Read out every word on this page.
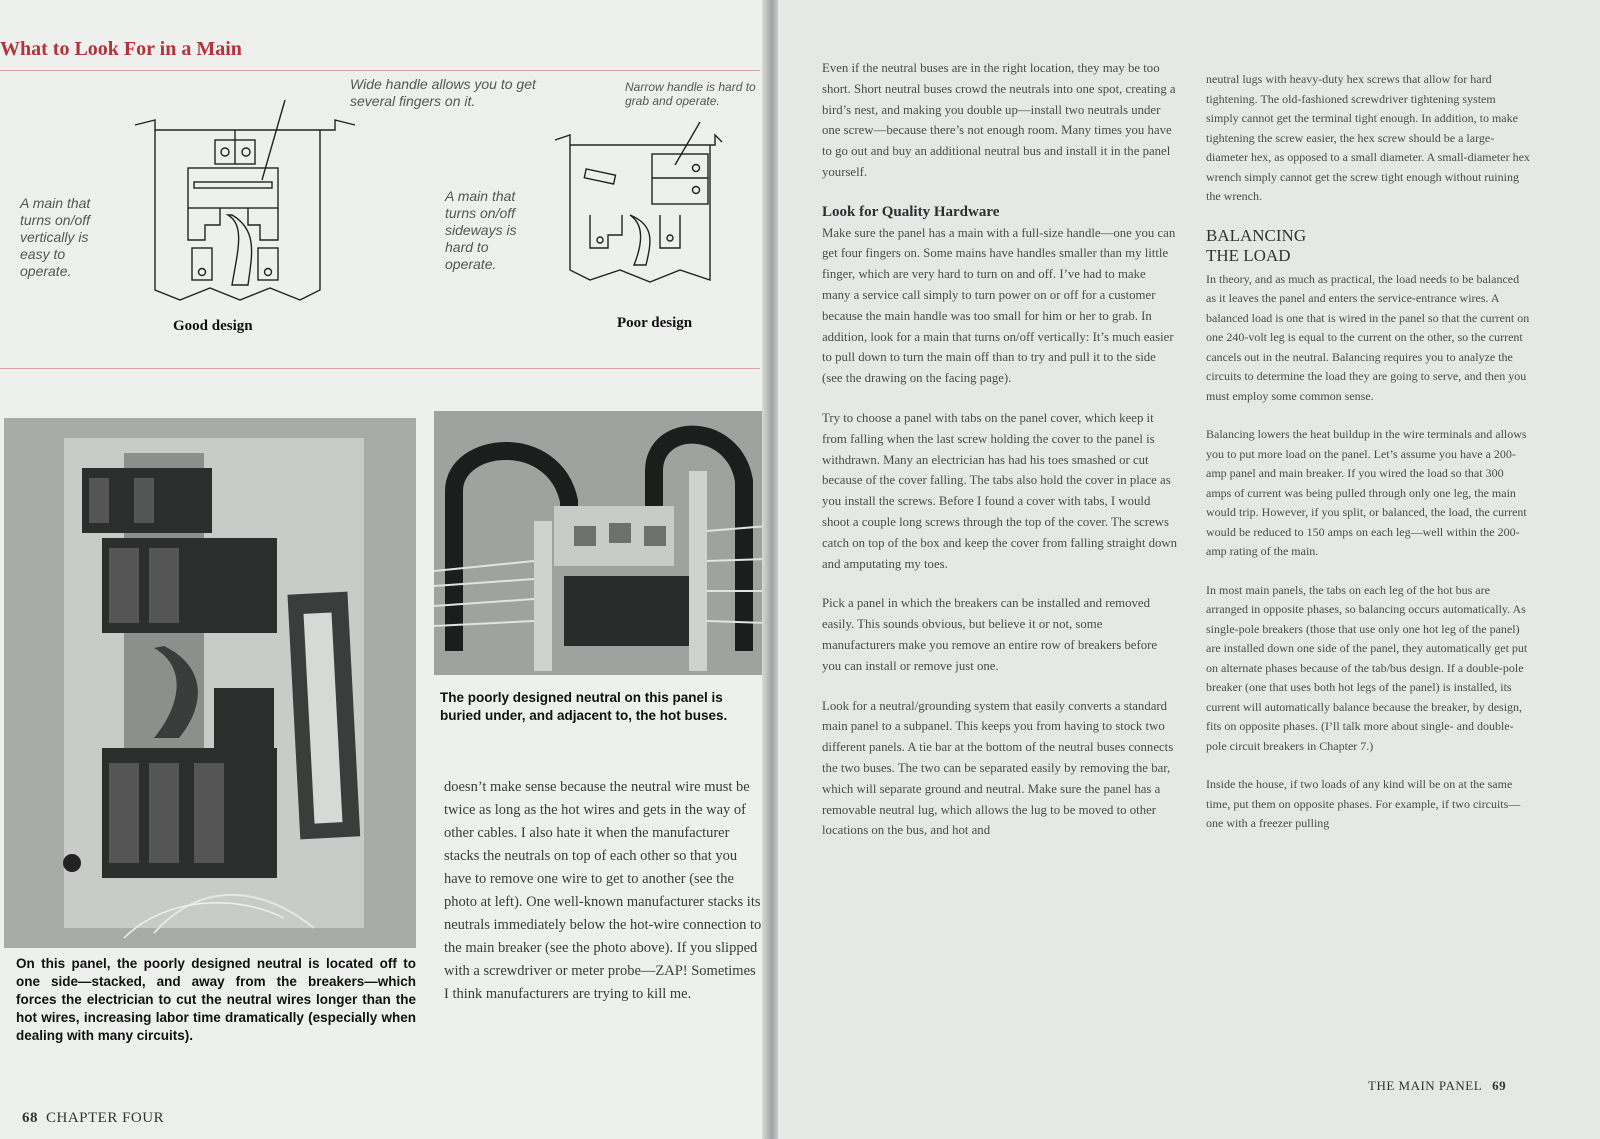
What to Look For in a Main

Wide handle allows you to get several fingers on it.

A main that turns on/off vertically is easy to operate.

Good design

Narrow handle is hard to grab and operate.

A main that turns on/off sideways is hard to operate.

Poor design

On this panel, the poorly designed neutral is located off to one side—stacked, and away from the breakers—which forces the electrician to cut the neutral wires longer than the hot wires, increasing labor time dramatically (especially when dealing with many circuits).

The poorly designed neutral on this panel is buried under, and adjacent to, the hot buses.

doesn’t make sense because the neutral wire must be twice as long as the hot wires and gets in the way of other cables. I also hate it when the manufacturer stacks the neutrals on top of each other so that you have to remove one wire to get to another (see the photo at left). One well-known manufacturer stacks its neutrals immediately below the hot-wire connection to the main breaker (see the photo above). If you slipped with a screwdriver or meter probe—ZAP! Sometimes I think manufacturers are trying to kill me.

68 CHAPTER FOUR

Even if the neutral buses are in the right location, they may be too short. Short neutral buses crowd the neutrals into one spot, creating a bird’s nest, and making you double up—install two neutrals under one screw—because there’s not enough room. Many times you have to go out and buy an additional neutral bus and install it in the panel yourself.

Look for Quality Hardware

Make sure the panel has a main with a full-size handle—one you can get four fingers on. Some mains have handles smaller than my little finger, which are very hard to turn on and off. I’ve had to make many a service call simply to turn power on or off for a customer because the main handle was too small for him or her to grab. In addition, look for a main that turns on/off vertically: It’s much easier to pull down to turn the main off than to try and pull it to the side (see the drawing on the facing page).

Try to choose a panel with tabs on the panel cover, which keep it from falling when the last screw holding the cover to the panel is withdrawn. Many an electrician has had his toes smashed or cut because of the cover falling. The tabs also hold the cover in place as you install the screws. Before I found a cover with tabs, I would shoot a couple long screws through the top of the cover. The screws catch on top of the box and keep the cover from falling straight down and amputating my toes.

Pick a panel in which the breakers can be installed and removed easily. This sounds obvious, but believe it or not, some manufacturers make you remove an entire row of breakers before you can install or remove just one.

Look for a neutral/grounding system that easily converts a standard main panel to a subpanel. This keeps you from having to stock two different panels. A tie bar at the bottom of the neutral buses connects the two buses. The two can be separated easily by removing the bar, which will separate ground and neutral. Make sure the panel has a removable neutral lug, which allows the lug to be moved to other locations on the bus, and hot and

neutral lugs with heavy-duty hex screws that allow for hard tightening. The old-fashioned screwdriver tightening system simply cannot get the terminal tight enough. In addition, to make tightening the screw easier, the hex screw should be a large-diameter hex, as opposed to a small diameter. A small-diameter hex wrench simply cannot get the screw tight enough without ruining the wrench.

BALANCING
THE LOAD

In theory, and as much as practical, the load needs to be balanced as it leaves the panel and enters the service-entrance wires. A balanced load is one that is wired in the panel so that the current on one 240-volt leg is equal to the current on the other, so the current cancels out in the neutral. Balancing requires you to analyze the circuits to determine the load they are going to serve, and then you must employ some common sense.

Balancing lowers the heat buildup in the wire terminals and allows you to put more load on the panel. Let’s assume you have a 200-amp panel and main breaker. If you wired the load so that 300 amps of current was being pulled through only one leg, the main would trip. However, if you split, or balanced, the load, the current would be reduced to 150 amps on each leg—well within the 200-amp rating of the main.

In most main panels, the tabs on each leg of the hot bus are arranged in opposite phases, so balancing occurs automatically. As single-pole breakers (those that use only one hot leg of the panel) are installed down one side of the panel, they automatically get put on alternate phases because of the tab/bus design. If a double-pole breaker (one that uses both hot legs of the panel) is installed, its current will automatically balance because the breaker, by design, fits on opposite phases. (I’ll talk more about single- and double-pole circuit breakers in Chapter 7.)

Inside the house, if two loads of any kind will be on at the same time, put them on opposite phases. For example, if two circuits—one with a freezer pulling

THE MAIN PANEL 69
